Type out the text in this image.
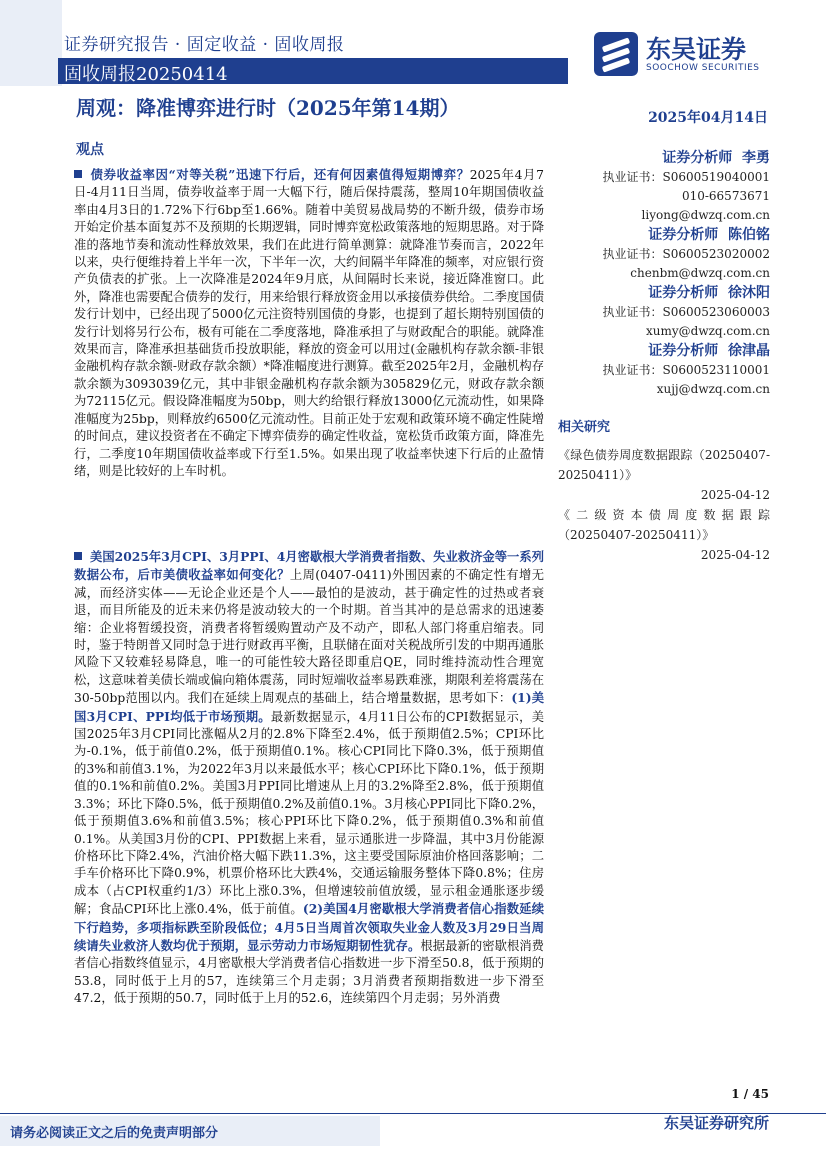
证券研究报告 · 固定收益 · 固收周报
固收周报20250414
东吴证券
SOOCHOW SECURITIES
周观：降准博弈进行时（2025年第14期）	2025年04月14日
观点

债券收益率因“对等关税”迅速下行后，还有何因素值得短期博弈？2025年4月7日-4月11日当周，债券收益率于周一大幅下行，随后保持震荡，整周10年期国债收益率由4月3日的1.72%下行6bp至1.66%。随着中美贸易战局势的不断升级，债券市场开始定价基本面复苏不及预期的长期逻辑，同时博弈宽松政策落地的短期思路。对于降准的落地节奏和流动性释放效果，我们在此进行简单测算：就降准节奏而言，2022年以来，央行便维持着上半年一次，下半年一次，大约间隔半年降准的频率，对应银行资产负债表的扩张。上一次降准是2024年9月底，从间隔时长来说，接近降准窗口。此外，降准也需要配合债券的发行，用来给银行释放资金用以承接债券供给。二季度国债发行计划中，已经出现了5000亿元注资特别国债的身影，也提到了超长期特别国债的发行计划将另行公布，极有可能在二季度落地，降准承担了与财政配合的职能。就降准效果而言，降准承担基础货币投放职能，释放的资金可以用过(金融机构存款余额-非银金融机构存款余额-财政存款余额）*降准幅度进行测算。截至2025年2月，金融机构存款余额为3093039亿元，其中非银金融机构存款余额为305829亿元，财政存款余额为72115亿元。假设降准幅度为50bp，则大约给银行释放13000亿元流动性，如果降准幅度为25bp，则释放约6500亿元流动性。目前正处于宏观和政策环境不确定性陡增的时间点，建议投资者在不确定下博弈债券的确定性收益，宽松货币政策方面，降准先行，二季度10年期国债收益率或下行至1.5%。如果出现了收益率快速下行后的止盈情绪，则是比较好的上车时机。

美国2025年3月CPI、3月PPI、4月密歇根大学消费者指数、失业救济金等一系列数据公布，后市美债收益率如何变化？上周(0407-0411)外围因素的不确定性有增无减，而经济实体——无论企业还是个人——最怕的是波动，甚于确定性的过热或者衰退，而目所能及的近未来仍将是波动较大的一个时期。首当其冲的是总需求的迅速萎缩：企业将暂缓投资，消费者将暂缓购置动产及不动产，即私人部门将重启缩表。同时，鉴于特朗普又同时急于进行财政再平衡，且联储在面对关税战所引发的中期再通胀风险下又较难轻易降息，唯一的可能性较大路径即重启QE，同时维持流动性合理宽松，这意味着美债长端或偏向箱体震荡，同时短端收益率易跌难涨，期限利差将震荡在30-50bp范围以内。我们在延续上周观点的基础上，结合增量数据，思考如下：(1)美国3月CPI、PPI均低于市场预期。最新数据显示，4月11日公布的CPI数据显示，美国2025年3月CPI同比涨幅从2月的2.8%下降至2.4%，低于预期值2.5%；CPI环比为-0.1%，低于前值0.2%，低于预期值0.1%。核心CPI同比下降0.3%，低于预期值的3%和前值3.1%，为2022年3月以来最低水平；核心CPI环比下降0.1%，低于预期值的0.1%和前值0.2%。美国3月PPI同比增速从上月的3.2%降至2.8%，低于预期值3.3%；环比下降0.5%，低于预期值0.2%及前值0.1%。3月核心PPI同比下降0.2%，低于预期值3.6%和前值3.5%；核心PPI环比下降0.2%，低于预期值0.3%和前值0.1%。从美国3月份的CPI、PPI数据上来看，显示通胀进一步降温，其中3月份能源价格环比下降2.4%，汽油价格大幅下跌11.3%，这主要受国际原油价格回落影响；二手车价格环比下降0.9%，机票价格环比大跌4%，交通运输服务整体下降0.8%；住房成本（占CPI权重约1/3）环比上涨0.3%，但增速较前值放缓，显示租金通胀逐步缓解；食品CPI环比上涨0.4%，低于前值。(2)美国4月密歇根大学消费者信心指数延续下行趋势，多项指标跌至阶段低位；4月5日当周首次领取失业金人数及3月29日当周续请失业救济人数均优于预期，显示劳动力市场短期韧性犹存。根据最新的密歇根消费者信心指数终值显示，4月密歇根大学消费者信心指数进一步下滑至50.8，低于预期的53.8，同时低于上月的57，连续第三个月走弱；3月消费者预期指数进一步下滑至47.2，低于预期的50.7，同时低于上月的52.6，连续第四个月走弱；另外消费

证券分析师 李勇
执业证书：S0600519040001
010-66573671
liyong@dwzq.com.cn
证券分析师 陈伯铭
执业证书：S0600523020002
chenbm@dwzq.com.cn
证券分析师 徐沐阳
执业证书：S0600523060003
xumy@dwzq.com.cn
证券分析师 徐津晶
执业证书：S0600523110001
xujj@dwzq.com.cn
相关研究
《绿色债券周度数据跟踪（20250407-20250411）》
2025-04-12
《二级资本债周度数据跟踪（20250407-20250411）》
2025-04-12
1 / 45
请务必阅读正文之后的免责声明部分
东吴证券研究所
